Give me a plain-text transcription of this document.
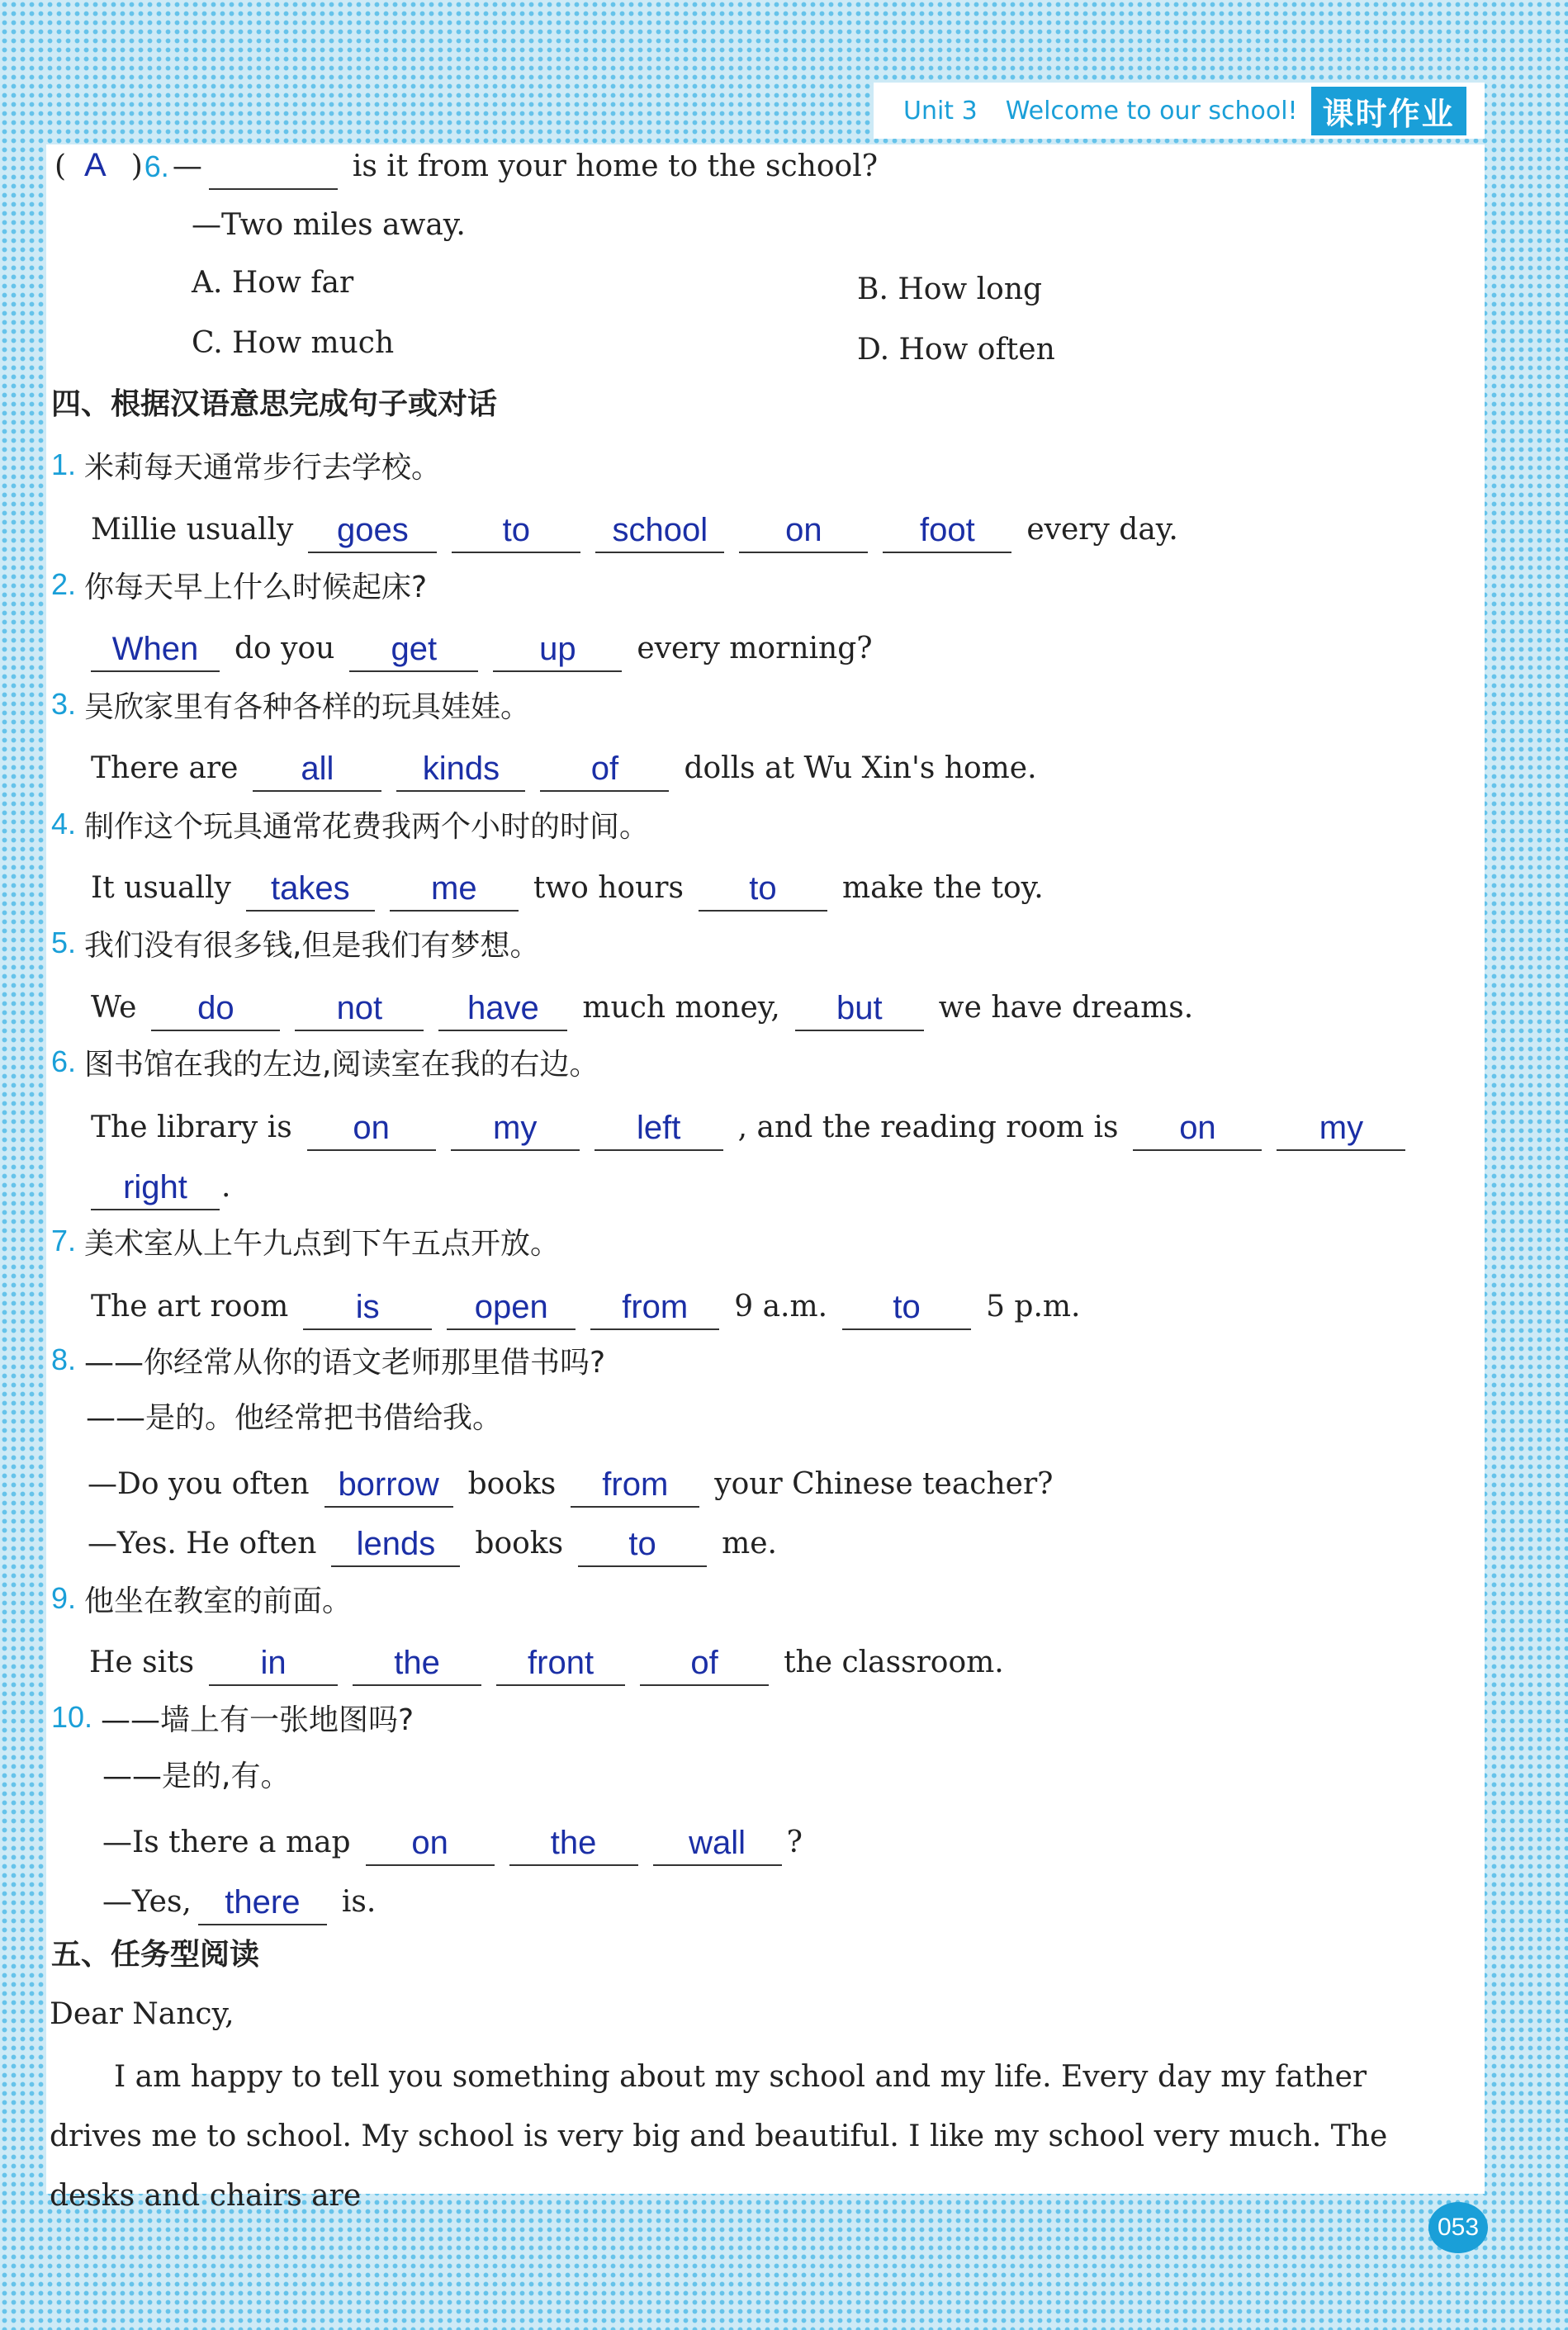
Unit 3 Welcome to our school! 课时作业
( A ) 6. —	is it from your home to the school?
—Two miles away.
A. How far	B. How long
C. How much	D. How often
四、根据汉语意思完成句子或对话
1. 米莉每天通常步行去学校。
Millie usually	goes	to	school	on	foot	every day.
2. 你每天早上什么时候起床?
When	do you	get	up	every morning?
3. 吴欣家里有各种各样的玩具娃娃。
There are	all	kinds	of	dolls at Wu Xin's home.
4. 制作这个玩具通常花费我两个小时的时间。
It usually	takes	me	two hours	to	make the toy.
5. 我们没有很多钱,但是我们有梦想。
We	do	not	have	much money,	but	we have dreams.
6. 图书馆在我的左边,阅读室在我的右边。
The library is	on	my	left	, and the reading room is	on	my
right	.
7. 美术室从上午九点到下午五点开放。
The art room	is	open	from	9 a.m.	to	5 p.m.
8. ——你经常从你的语文老师那里借书吗?
——是的。他经常把书借给我。
—Do you often borrow books	from	your Chinese teacher?
—Yes. He often	lends	books	to	me.
9. 他坐在教室的前面。
He sits	in	the	front	of	the classroom.
10. ——墙上有一张地图吗?
——是的,有。
—Is there a map	on	the	wall	?
—Yes,	there	is.
五、任务型阅读
Dear Nancy,
I am happy to tell you something about my school and my life. Every day my father drives me to school. My school is very big and beautiful. I like my school very much. The desks and chairs are
053
